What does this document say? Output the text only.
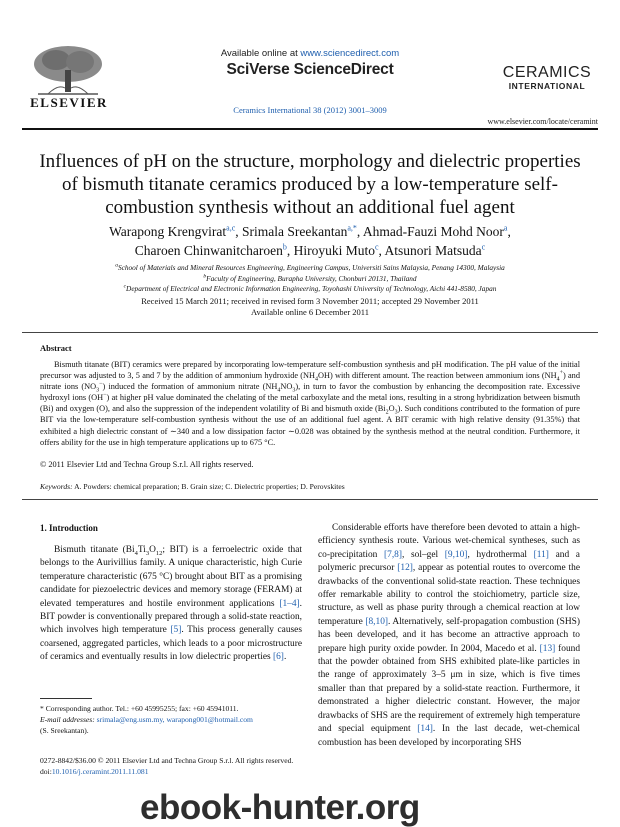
ELSEVIER
Available online at www.sciencedirect.com
SciVerse ScienceDirect
Ceramics International 38 (2012) 3001–3009
CERAMICS
INTERNATIONAL
www.elsevier.com/locate/ceramint
Influences of pH on the structure, morphology and dielectric properties of bismuth titanate ceramics produced by a low-temperature self-combustion synthesis without an additional fuel agent
Warapong Krengvirat$^{a,c}$, Srimala Sreekantan$^{a,*}$, Ahmad-Fauzi Mohd Noor$^a$,
Charoen Chinwanitcharoen$^b$, Hiroyuki Muto$^c$, Atsunori Matsuda$^c$
$^a$School of Materials and Mineral Resources Engineering, Engineering Campus, Universiti Sains Malaysia, Penang 14300, Malaysia
$^b$Faculty of Engineering, Burapha University, Chonburi 20131, Thailand
$^c$Department of Electrical and Electronic Information Engineering, Toyohashi University of Technology, Aichi 441-8580, Japan
Received 15 March 2011; received in revised form 3 November 2011; accepted 29 November 2011
Available online 6 December 2011
Abstract
Bismuth titanate (BIT) ceramics were prepared by incorporating low-temperature self-combustion synthesis and pH modification. The pH value of the initial precursor was adjusted to 3, 5 and 7 by the addition of ammonium hydroxide $(NH_4OH)$ with different amount. The reaction between ammonium ions $(NH_4^+)$ and nitrate ions $(NO_3^-)$ induced the formation of ammonium nitrate $(NH_4NO_3)$, in turn to favor the combustion by enhancing the decomposition rate. Excessive hydroxyl ions (OH−) at higher pH value dominated the chelating of the metal carboxylate and the metal ions, resulting in a strong hybridization between bismuth (Bi) and oxygen (O), and also the suppression of the independent volatility of Bi and bismuth oxide $(Bi_2O_3)$. Such conditions contributed to the formation of pure BIT via the low-temperature self-combustion synthesis without the use of an additional fuel agent. A BIT ceramic with high relative density (91.35%) that exhibited a high dielectric constant of ∼340 and a low dissipation factor ∼0.028 was obtained by the synthesis method at the neutral condition. Furthermore, it offers ability for the use in high temperature applications up to 675 °C.
© 2011 Elsevier Ltd and Techna Group S.r.l. All rights reserved.
Keywords: A. Powders: chemical preparation; B. Grain size; C. Dielectric properties; D. Perovskites
1. Introduction
Bismuth titanate ($Bi_4Ti_3O_{12}$; BIT) is a ferroelectric oxide that belongs to the Aurivillius family. A unique characteristic, high Curie temperature characteristic (675 °C) brought about BIT as a promising candidate for piezoelectric devices and memory storage (FERAM) at elevated temperatures and hostile environment applications [1–4]. BIT powder is conventionally prepared through a solid-state reaction, which involves high temperature [5]. This process generally causes coarsened, aggregated particles, which leads to a poor microstructure of ceramics and eventually results in low dielectric properties [6].
Considerable efforts have therefore been devoted to attain a high-efficiency synthesis route. Various wet-chemical syntheses, such as co-precipitation [7,8], sol–gel [9,10], hydrothermal [11] and a polymeric precursor [12], appear as potential routes to overcome the drawbacks of the conventional solid-state reaction. These techniques offer remarkable ability to control the stoichiometry, particle size, structure, as well as phase purity through a chemical reaction at low temperature [8,10]. Alternatively, self-propagation combustion (SHS) has been developed, and it has become an attractive approach to prepare high purity oxide powder. In 2004, Macedo et al. [13] found that the powder obtained from SHS exhibited plate-like particles in the range of approximately 3–5 μm in size, which is five times smaller than that prepared by a solid-state reaction. Furthermore, it demonstrated a higher dielectric constant. However, the major drawbacks of SHS are the requirement of extremely high temperature and special equipment [14]. In the last decade, wet-chemical combustion has been developed by incorporating SHS
* Corresponding author. Tel.: +60 45995255; fax: +60 45941011.
E-mail addresses: srimala@eng.usm.my, warapong001@hotmail.com
(S. Sreekantan).
0272-8842/$36.00 © 2011 Elsevier Ltd and Techna Group S.r.l. All rights reserved.
doi:10.1016/j.ceramint.2011.11.081
ebook-hunter.org
